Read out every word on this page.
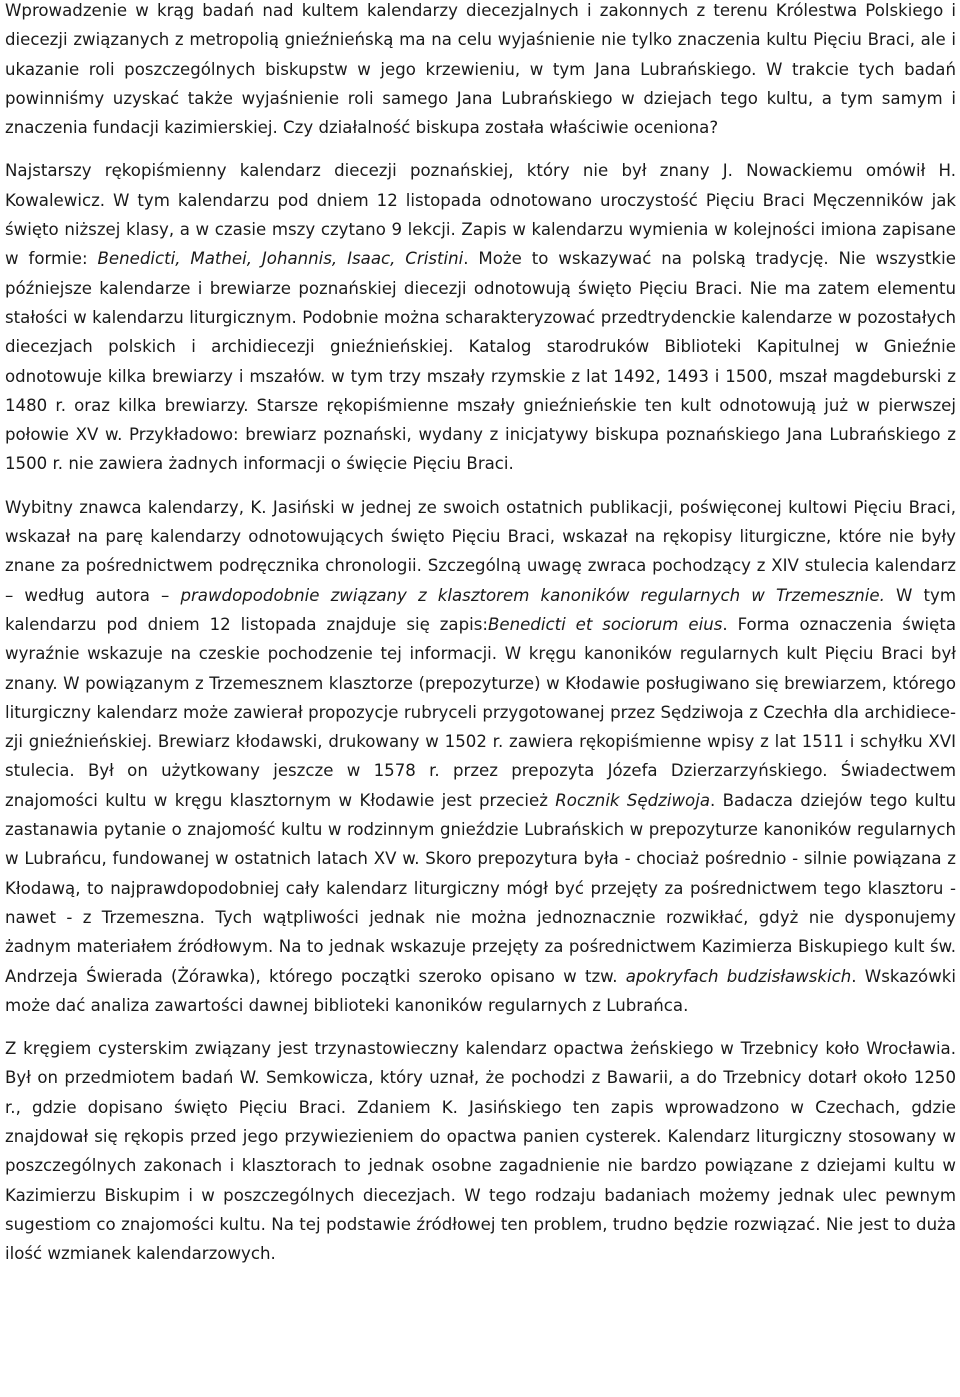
Wprowadzenie w krąg badań nad kultem kalendarzy diecezjalnych i zakonnych z terenu Królestwa Polskiego i diecezji związanych z metropolią gnieźnieńską ma na celu wyjaśnienie nie tylko znaczenia kultu Pięciu Braci, ale i ukazanie roli poszczególnych biskupstw w jego krzewieniu, w tym Jana Lubrańskiego. W trakcie tych badań powinniśmy uzyskać także wyjaśnienie roli samego Jana Lubrańskiego w dziejach tego kultu, a tym samym i znaczenia fundacji kazimierskiej. Czy działalność biskupa została właściwie oceniona?

Najstarszy rękopiśmienny kalendarz diecezji poznańskiej, który nie był znany J. Nowackiemu omówił H. Kowalewicz. W tym kalendarzu pod dniem 12 listopada odnotowano uroczystość Pięciu Braci Męczenników jak święto niższej klasy, a w czasie mszy czytano 9 lekcji. Zapis w kalendarzu wymienia w kolejności imiona zapisane w formie: Benedicti, Mathei, Johannis, Isaac, Cristini. Może to wskazywać na polską tradycję. Nie wszystkie późniejsze kalendarze i brewiarze poznańskiej diecezji odnotowują święto Pięciu Braci. Nie ma zatem elementu stałości w kalendarzu liturgicznym. Podobnie można scharakteryzować przedtrydenckie kalendarze w pozostałych diecezjach polskich i archidiecezji gnieźnieńskiej. Katalog starodruków Biblioteki Kapitulnej w Gnieźnie odnotowuje kilka brewiarzy i mszałów. w tym trzy mszały rzymskie z lat 1492, 1493 i 1500, mszał magdeburski z 1480 r. oraz kilka brewiarzy. Starsze rękopiśmienne mszały gnieźnieńskie ten kult odnotowują już w pierwszej połowie XV w. Przykładowo: brewiarz poznański, wydany z inicjatywy biskupa poznańskiego Jana Lubrańskiego z 1500 r. nie zawiera żadnych informacji o święcie Pięciu Braci.

Wybitny znawca kalendarzy, K. Jasiński w jednej ze swoich ostatnich publikacji, poświęconej kultowi Pięciu Braci, wskazał na parę kalendarzy odnotowujących święto Pięciu Braci, wskazał na rękopisy liturgiczne, które nie były znane za pośrednictwem podręcznika chronologii. Szczególną uwagę zwraca pochodzący z XIV stulecia kalendarz – według autora – prawdopodobnie związany z klasztorem kanoników regularnych w Trzemesznie. W tym kalendarzu pod dniem 12 listopada znajduje się zapis:Benedicti et sociorum eius. Forma oznaczenia święta wyraźnie wskazuje na czeskie pochodzenie tej informacji. W kręgu kanoników regularnych kult Pięciu Braci był znany. W powiązanym z Trzemesznem klasztorze (prepozyturze) w Kłodawie posługiwano się brewiarzem, którego liturgiczny kalendarz może zawierał propozycje rubryceli przygotowanej przez Sędziwoja z Czechła dla archidiecezji gnieźnieńskiej. Brewiarz kłodawski, drukowany w 1502 r. zawiera rękopiśmienne wpisy z lat 1511 i schyłku XVI stulecia. Był on użytkowany jeszcze w 1578 r. przez prepozyta Józefa Dzierzarzyńskiego. Świadectwem znajomości kultu w kręgu klasztornym w Kłodawie jest przecież Rocznik Sędziwoja. Badacza dziejów tego kultu zastanawia pytanie o znajomość kultu w rodzinnym gnieździe Lubrańskich w prepozyturze kanoników regularnych w Lubrańcu, fundowanej w ostatnich latach XV w. Skoro prepozytura była - chociaż pośrednio - silnie powiązana z Kłodawą, to najprawdopodobniej cały kalendarz liturgiczny mógł być przejęty za pośrednictwem tego klasztoru - nawet - z Trzemeszna. Tych wątpliwości jednak nie można jednoznacznie rozwikłać, gdyż nie dysponujemy żadnym materiałem źródłowym. Na to jednak wskazuje przejęty za pośrednictwem Kazimierza Biskupiego kult św. Andrzeja Świerada (Żórawka), którego początki szeroko opisano w tzw. apokryfach budzisławskich. Wskazówki może dać analiza zawartości dawnej biblioteki kanoników regularnych z Lubrańca.

Z kręgiem cysterskim związany jest trzynastowieczny kalendarz opactwa żeńskiego w Trzebnicy koło Wrocławia. Był on przedmiotem badań W. Semkowicza, który uznał, że pochodzi z Bawarii, a do Trzebnicy dotarł około 1250 r., gdzie dopisano święto Pięciu Braci. Zdaniem K. Jasińskiego ten zapis wprowadzono w Czechach, gdzie znajdował się rękopis przed jego przywiezieniem do opactwa panien cysterek. Kalendarz liturgiczny stosowany w poszczególnych zakonach i klasztorach to jednak osobne zagadnienie nie bardzo powiązane z dziejami kultu w Kazimierzu Biskupim i w poszczególnych diecezjach. W tego rodzaju badaniach możemy jednak ulec pewnym sugestiom co znajomości kultu. Na tej podstawie źródłowej ten problem, trudno będzie rozwiązać. Nie jest to duża ilość wzmianek kalendarzowych.
